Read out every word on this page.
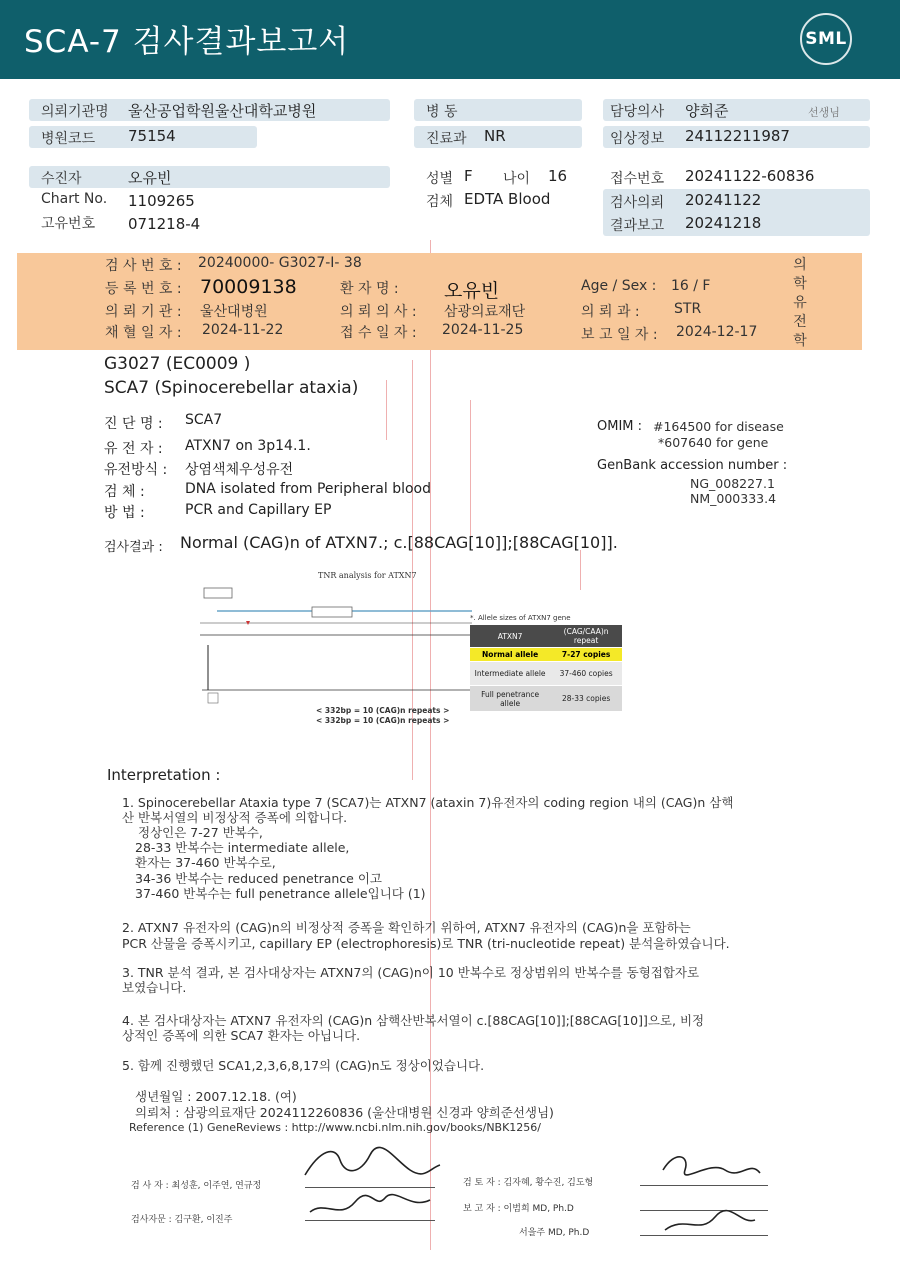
SCA-7 검사결과보고서	SML
의뢰기관명 울산공업학원울산대학교병원
병원코드 75154
병 동
진료과 NR
담당의사 양희준	선생님
임상정보 24112211987
수진자	오유빈
Chart No. 1109265
고유번호 071218-4
성별 F 나이 16
검체 EDTA Blood
접수번호 20241122-60836
검사의뢰 20241122
결과보고 20241218
검 사 번 호 : 20240000- G3027-I- 38
등 록 번 호 : 70009138	환 자 명 : 오유빈	Age / Sex : 16 / F
의 뢰 기 관 : 울산대병원	의 뢰 의 사 : 삼광의료재단	의 뢰 과 : STR
채 혈 일 자 : 2024-11-22	접 수 일 자 : 2024-11-25	보 고 일 자 : 2024-12-17
의학유전학
G3027 (EC0009 )
SCA7 (Spinocerebellar ataxia)
진 단 명 : SCA7
유 전 자 : ATXN7 on 3p14.1.
유전방식 : 상염색체우성유전
검 체 :	DNA isolated from Peripheral blood
방 법 :	PCR and Capillary EP
OMIM : #164500 for disease
*607640 for gene
GenBank accession number :
NG_008227.1
NM_000333.4
검사결과 : Normal (CAG)n of ATXN7.; c.[88CAG[10]];[88CAG[10]].
TNR analysis for ATXN7
< 332bp = 10 (CAG)n repeats >
< 332bp = 10 (CAG)n repeats >
*. Allele sizes of ATXN7 gene
ATXN7	(CAG/CAA)n repeat
Normal allele	7-27 copies
Intermediate allele	37-460 copies
Full penetrance allele	28-33 copies
Interpretation :
1. Spinocerebellar Ataxia type 7 (SCA7)는 ATXN7 (ataxin 7)유전자의 coding region 내의 (CAG)n 삼핵
산 반복서열의 비정상적 증폭에 의합니다.
정상인은 7-27 반복수,
28-33 반복수는 intermediate allele,
환자는 37-460 반복수로,
34-36 반복수는 reduced penetrance 이고
37-460 반복수는 full penetrance allele입니다 (1)
2. ATXN7 유전자의 (CAG)n의 비정상적 증폭을 확인하기 위하여, ATXN7 유전자의 (CAG)n을 포함하는
PCR 산물을 증폭시키고, capillary EP (electrophoresis)로 TNR (tri-nucleotide repeat) 분석을하였습니다.
3. TNR 분석 결과, 본 검사대상자는 ATXN7의 (CAG)n이 10 반복수로 정상범위의 반복수를 동형접합자로
보였습니다.
4. 본 검사대상자는 ATXN7 유전자의 (CAG)n 삼핵산반복서열이 c.[88CAG[10]];[88CAG[10]]으로, 비정
상적인 증폭에 의한 SCA7 환자는 아닙니다.
5. 함께 진행했던 SCA1,2,3,6,8,17의 (CAG)n도 정상이었습니다.
생년월일 : 2007.12.18. (여)
의뢰처 : 삼광의료재단 2024112260836 (울산대병원 신경과 양희준선생님)
Reference (1) GeneReviews : http://www.ncbi.nlm.nih.gov/books/NBK1256/
검 사 자 : 최성훈, 이주연, 연규정
검사자문 : 김구환, 이진주
검 토 자 : 김자혜, 황수진, 김도형
보 고 자 : 이범희 MD, Ph.D
서을주 MD, Ph.D
